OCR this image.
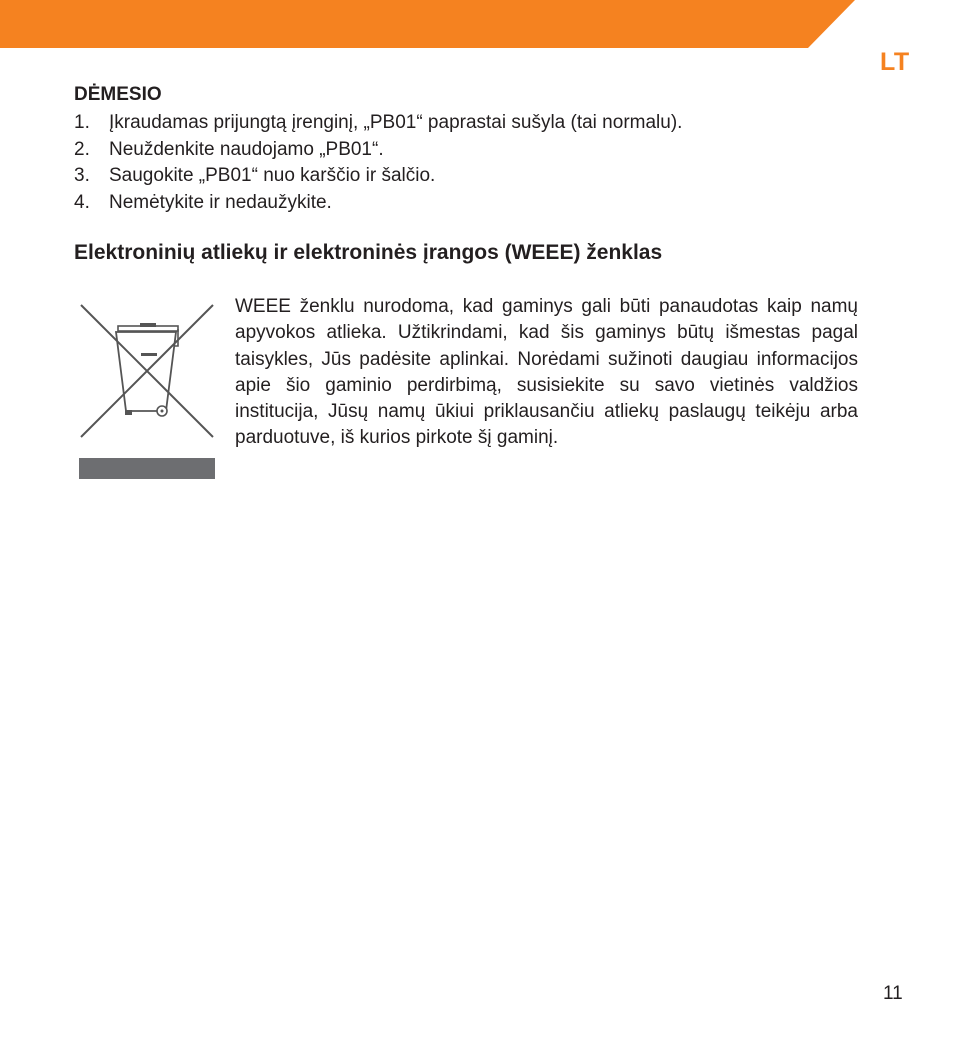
LT
DĖMESIO
1. Įkraudamas prijungtą įrenginį, „PB01“ paprastai sušyla (tai normalu).
2. Neuždenkite naudojamo „PB01“.
3. Saugokite „PB01“ nuo karščio ir šalčio.
4. Nemėtykite ir nedaužykite.
Elektroninių atliekų ir elektroninės įrangos (WEEE) ženklas

WEEE ženklu nurodoma, kad gaminys gali būti panaudotas kaip namų apyvokos atlieka. Užtikrindami, kad šis gaminys būtų išmestas pagal taisykles, Jūs padėsite aplinkai. Norėdami sužinoti daugiau informacijos apie šio gaminio perdirbimą, susisiekite su savo vietinės valdžios institucija, Jūsų namų ūkiui priklausančiu atliekų paslaugų teikėju arba parduotuve, iš kurios pirkote šį gaminį.

11
